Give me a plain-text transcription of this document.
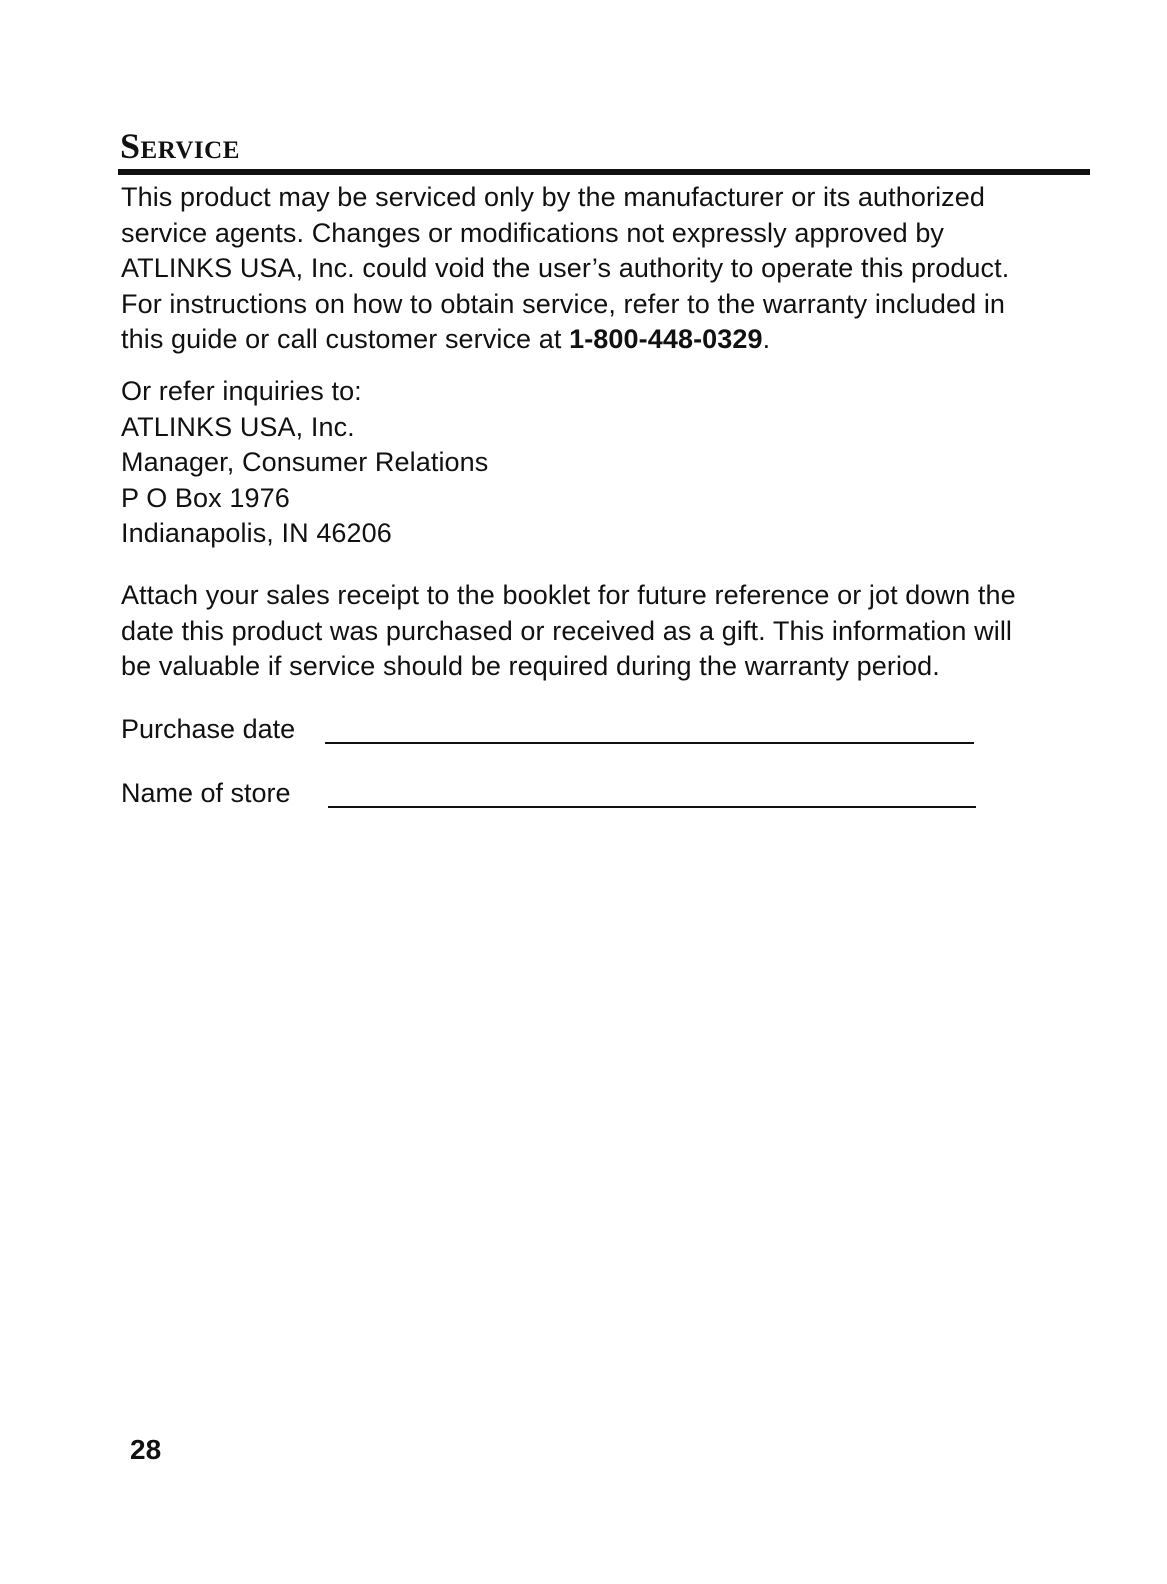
Service

This product may be serviced only by the manufacturer or its authorized
service agents. Changes or modifications not expressly approved by
ATLINKS USA, Inc. could void the user’s authority to operate this product.
For instructions on how to obtain service, refer to the warranty included in
this guide or call customer service at 1-800-448-0329.

Or refer inquiries to:
ATLINKS USA, Inc.
Manager, Consumer Relations
P O Box 1976
Indianapolis, IN 46206

Attach your sales receipt to the booklet for future reference or jot down the
date this product was purchased or received as a gift. This information will
be valuable if service should be required during the warranty period.

Purchase date
Name of store
28
